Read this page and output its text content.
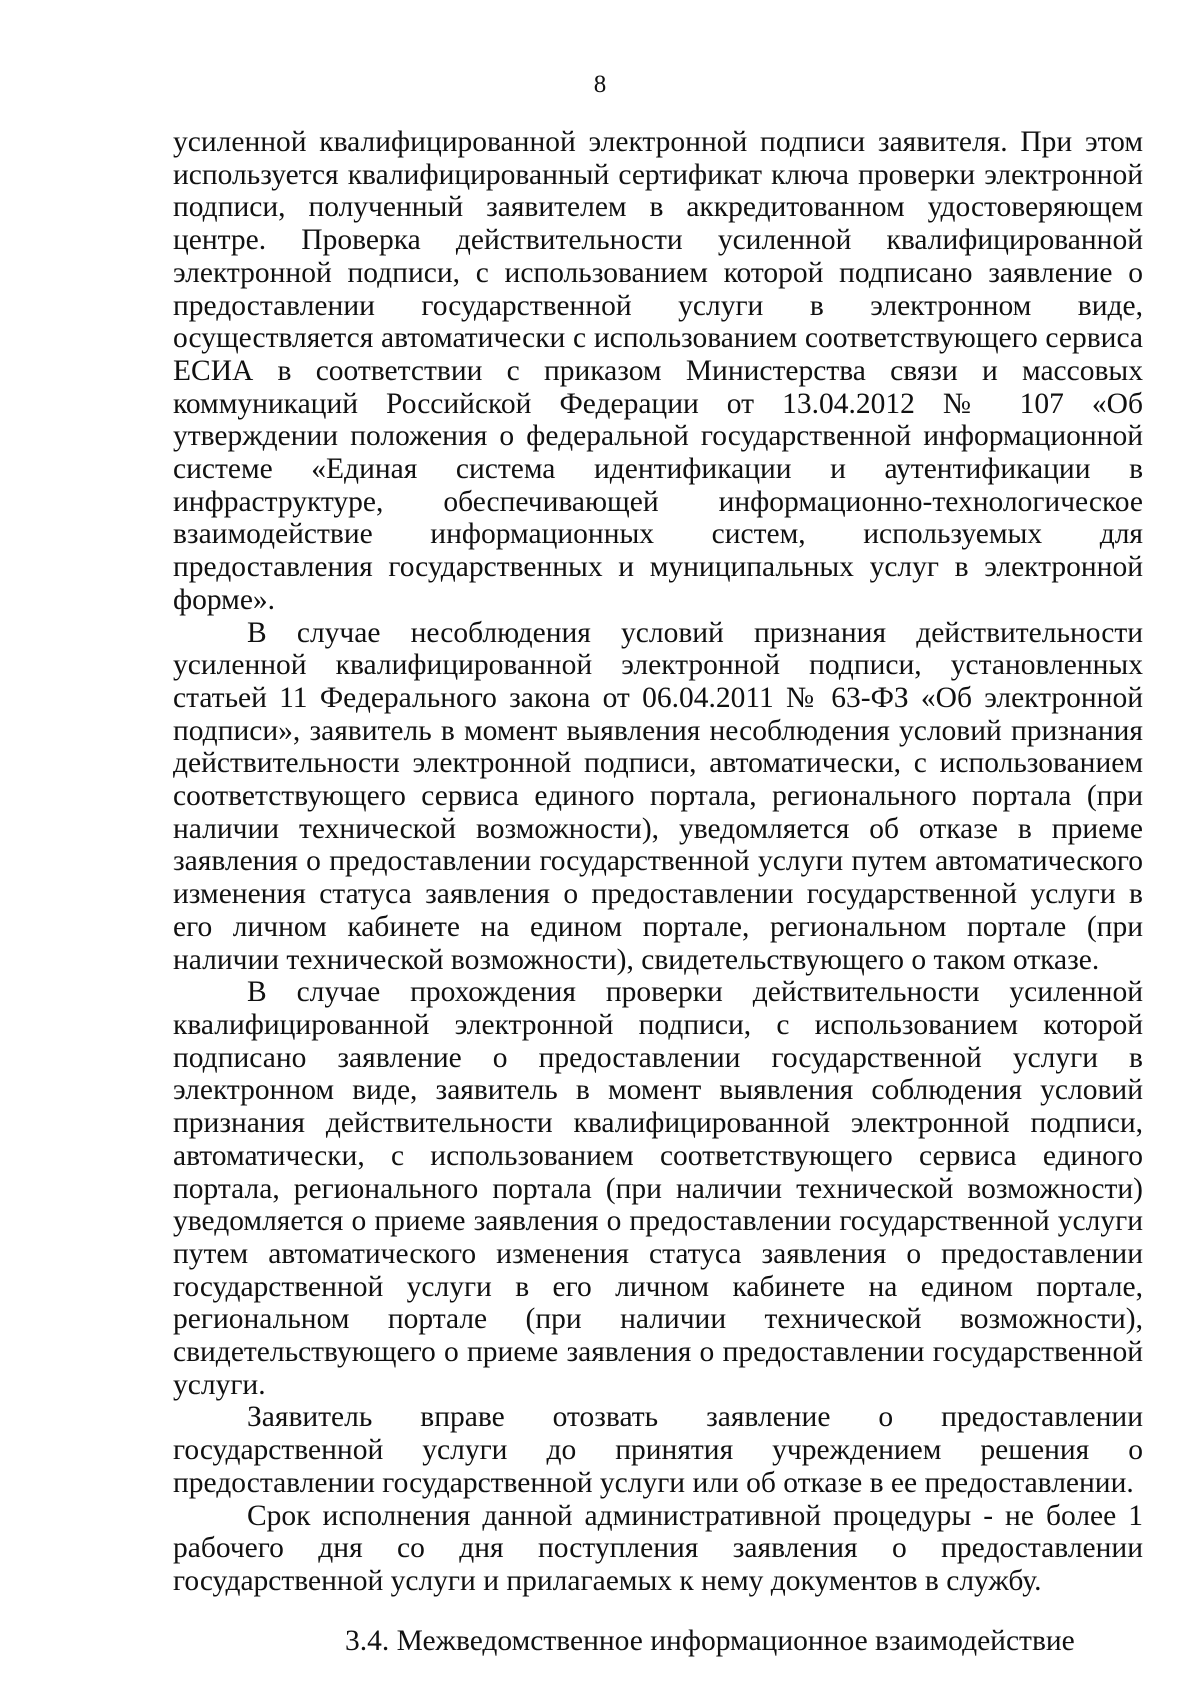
8

усиленной квалифицированной электронной подписи заявителя. При этом используется квалифицированный сертификат ключа проверки электронной подписи, полученный заявителем в аккредитованном удостоверяющем центре. Проверка действительности усиленной квалифицированной электронной подписи, с использованием которой подписано заявление о предоставлении государственной услуги в электронном виде, осуществляется автоматически с использованием соответствующего сервиса ЕСИА в соответствии с приказом Министерства связи и массовых коммуникаций Российской Федерации от 13.04.2012 № 107 «Об утверждении положения о федеральной государственной информационной системе «Единая система идентификации и аутентификации в инфраструктуре, обеспечивающей информационно-технологическое взаимодействие информационных систем, используемых для предоставления государственных и муниципальных услуг в электронной форме».

В случае несоблюдения условий признания действительности усиленной квалифицированной электронной подписи, установленных статьей 11 Федерального закона от 06.04.2011 № 63-ФЗ «Об электронной подписи», заявитель в момент выявления несоблюдения условий признания действительности электронной подписи, автоматически, с использованием соответствующего сервиса единого портала, регионального портала (при наличии технической возможности), уведомляется об отказе в приеме заявления о предоставлении государственной услуги путем автоматического изменения статуса заявления о предоставлении государственной услуги в его личном кабинете на едином портале, региональном портале (при наличии технической возможности), свидетельствующего о таком отказе.

В случае прохождения проверки действительности усиленной квалифицированной электронной подписи, с использованием которой подписано заявление о предоставлении государственной услуги в электронном виде, заявитель в момент выявления соблюдения условий признания действительности квалифицированной электронной подписи, автоматически, с использованием соответствующего сервиса единого портала, регионального портала (при наличии технической возможности) уведомляется о приеме заявления о предоставлении государственной услуги путем автоматического изменения статуса заявления о предоставлении государственной услуги в его личном кабинете на едином портале, региональном портале (при наличии технической возможности), свидетельствующего о приеме заявления о предоставлении государственной услуги.

Заявитель вправе отозвать заявление о предоставлении государственной услуги до принятия учреждением решения о предоставлении государственной услуги или об отказе в ее предоставлении.

Срок исполнения данной административной процедуры - не более 1 рабочего дня со дня поступления заявления о предоставлении государственной услуги и прилагаемых к нему документов в службу.

3.4. Межведомственное информационное взаимодействие
